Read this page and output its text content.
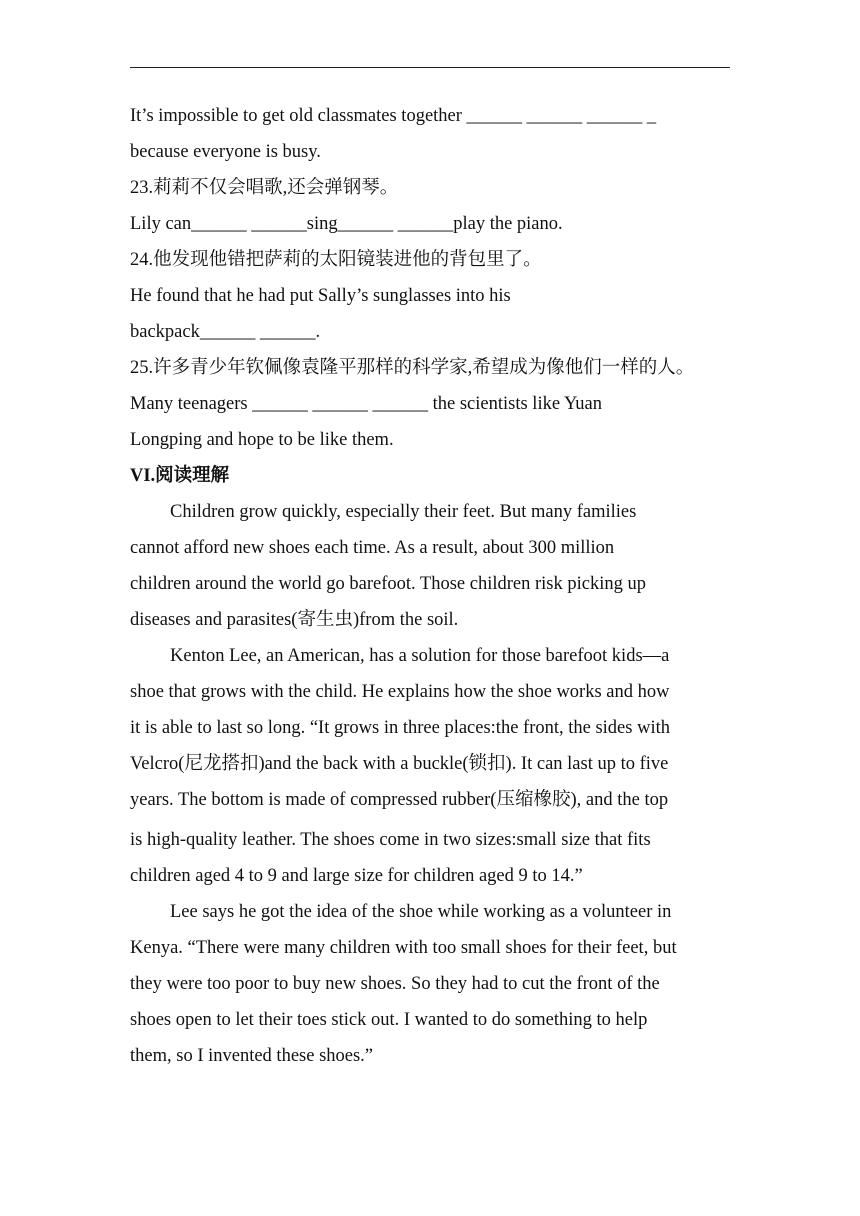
It’s impossible to get old classmates together ______ ______ ______ _
because everyone is busy.
23.莉莉不仅会唱歌,还会弹钢琴。
Lily can______ ______sing______ ______play the piano.
24.他发现他错把萨莉的太阳镜装进他的背包里了。
He found that he had put Sally’s sunglasses into his
backpack______ ______.
25.许多青少年钦佩像袁隆平那样的科学家,希望成为像他们一样的人。
Many teenagers ______ ______ ______ the scientists like Yuan
Longping and hope to be like them.
VI.阅读理解
Children grow quickly, especially their feet. But many families
cannot afford new shoes each time. As a result, about 300 million
children around the world go barefoot. Those children risk picking up
diseases and parasites(寄生虫)from the soil.
Kenton Lee, an American, has a solution for those barefoot kids—a
shoe that grows with the child. He explains how the shoe works and how
it is able to last so long. “It grows in three places:the front, the sides with
Velcro(尼龙搭扣)and the back with a buckle(锁扣). It can last up to five
years. The bottom is made of compressed rubber(压缩橡胶), and the top
is high-quality leather. The shoes come in two sizes:small size that fits
children aged 4 to 9 and large size for children aged 9 to 14.”
Lee says he got the idea of the shoe while working as a volunteer in
Kenya. “There were many children with too small shoes for their feet, but
they were too poor to buy new shoes. So they had to cut the front of the
shoes open to let their toes stick out. I wanted to do something to help
them, so I invented these shoes.”
